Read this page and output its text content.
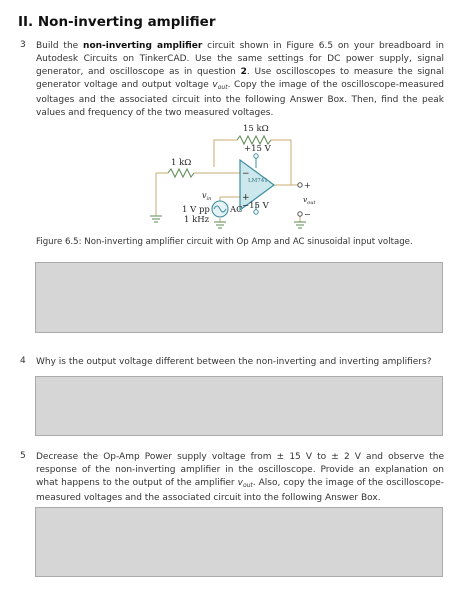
II. Non-inverting amplifier
3 Build the non-inverting amplifier circuit shown in Figure 6.5 on your breadboard in Autodesk Circuits on TinkerCAD. Use the same settings for DC power supply, signal generator, and oscilloscope as in question 2. Use oscilloscopes to measure the signal generator voltage and output voltage $v_{out}$. Copy the image of the oscilloscope-measured voltages and the associated circuit into the following Answer Box. Then, find the peak values and frequency of the two measured voltages.

15 kΩ
1 kΩ
+15 V
−15 V
LM741
−
+
$v_{in}$
1 V pp
1 kHz
AC
+
−
$v_{out}$

Figure 6.5: Non-inverting amplifier circuit with Op Amp and AC sinusoidal input voltage.

4 Why is the output voltage different between the non-inverting and inverting amplifiers?

5 Decrease the Op-Amp Power supply voltage from ± 15 V to ± 2 V and observe the response of the non-inverting amplifier in the oscilloscope. Provide an explanation on what happens to the output of the amplifier $v_{out}$. Also, copy the image of the oscilloscope-measured voltages and the associated circuit into the following Answer Box.
